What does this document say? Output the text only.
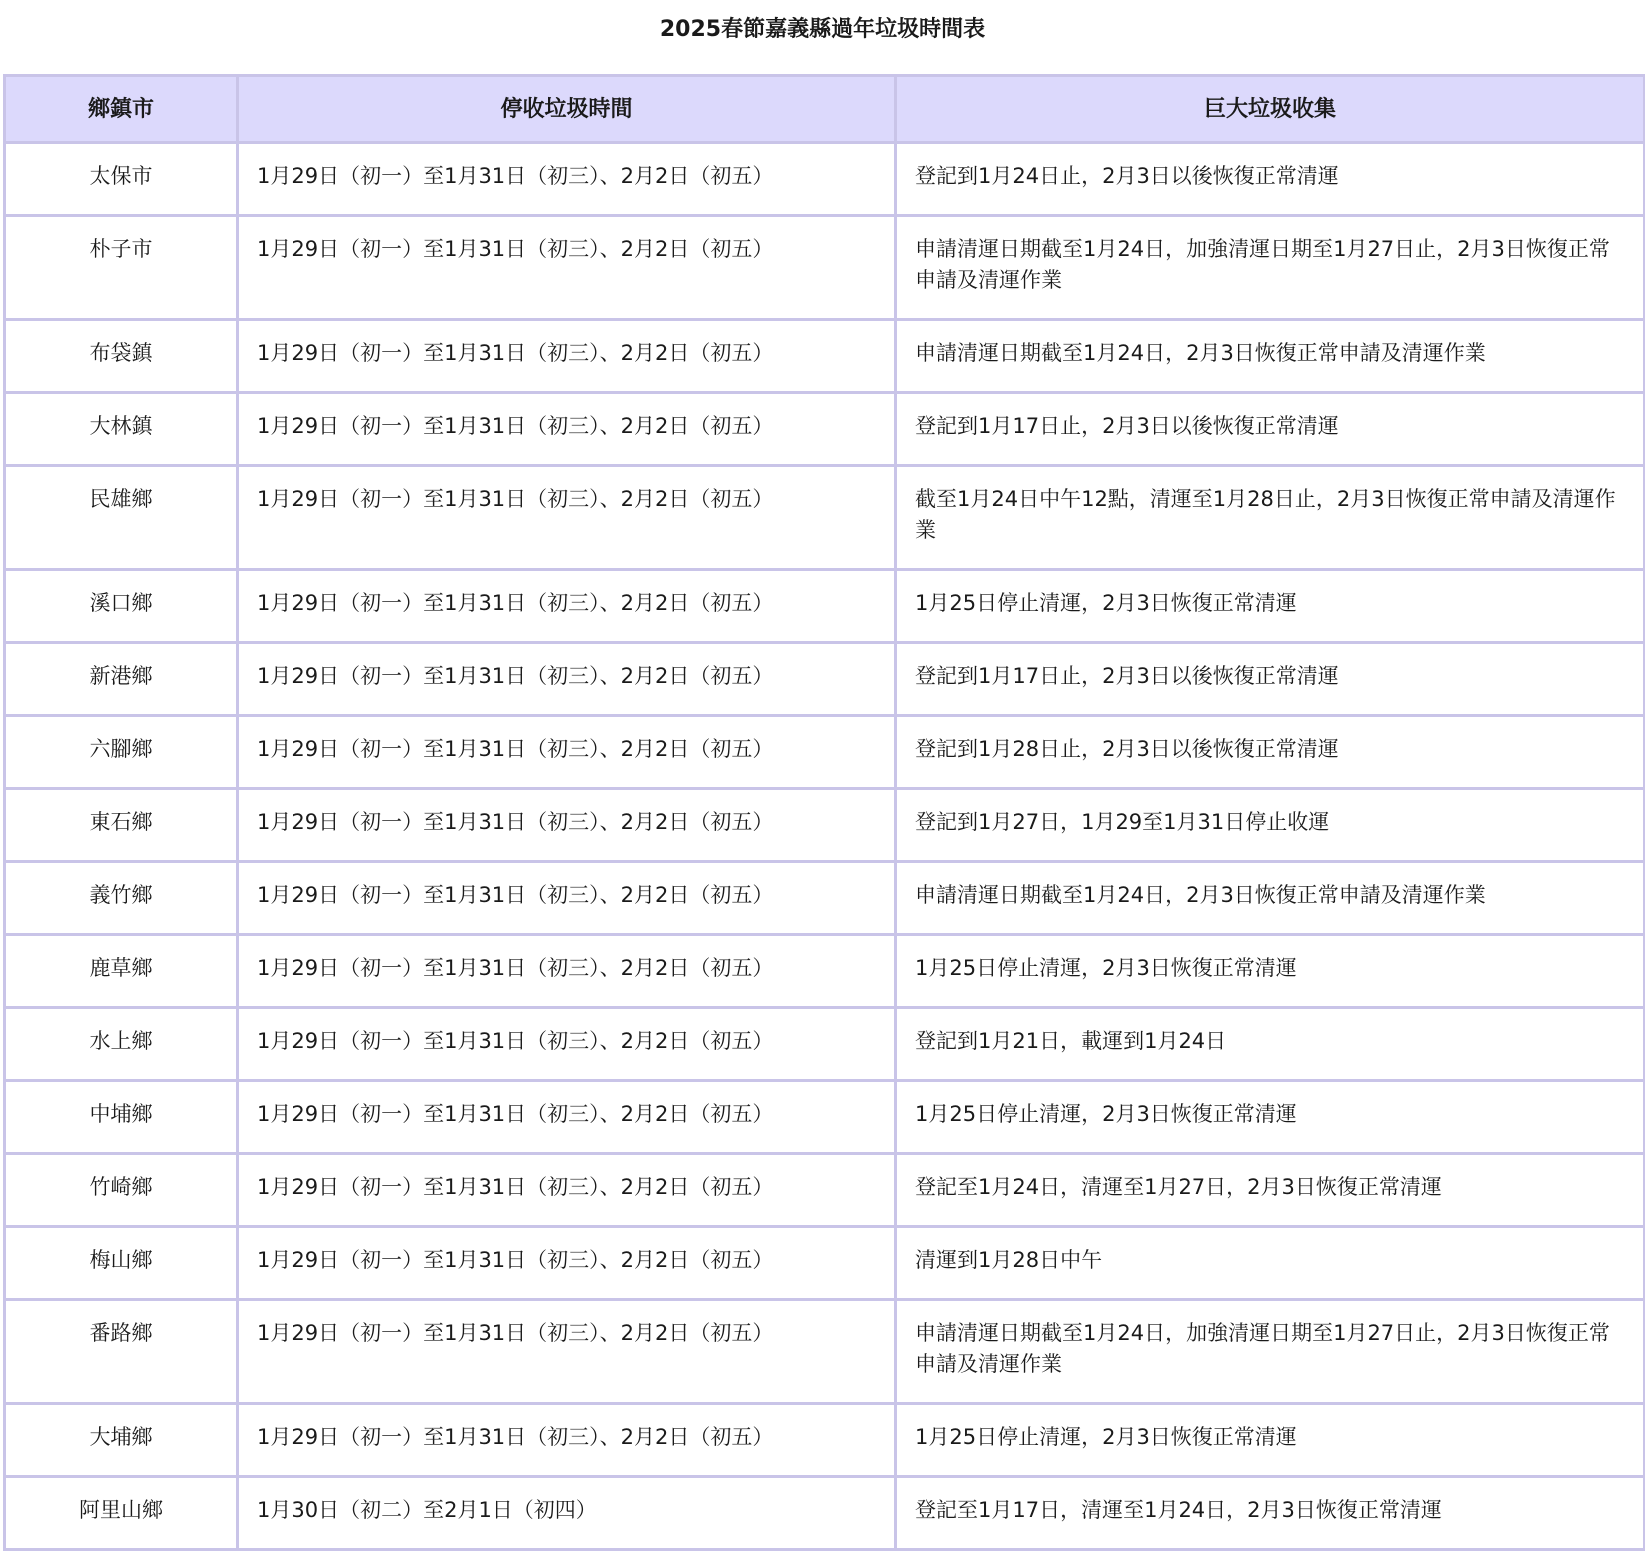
2025春節嘉義縣過年垃圾時間表
鄉鎮市	停收垃圾時間	巨大垃圾收集
太保市	1月29日（初一）至1月31日（初三）、2月2日（初五）	登記到1月24日止，2月3日以後恢復正常清運
朴子市	1月29日（初一）至1月31日（初三）、2月2日（初五）	申請清運日期截至1月24日，加強清運日期至1月27日止，2月3日恢復正常申請及清運作業
布袋鎮	1月29日（初一）至1月31日（初三）、2月2日（初五）	申請清運日期截至1月24日，2月3日恢復正常申請及清運作業
大林鎮	1月29日（初一）至1月31日（初三）、2月2日（初五）	登記到1月17日止，2月3日以後恢復正常清運
民雄鄉	1月29日（初一）至1月31日（初三）、2月2日（初五）	截至1月24日中午12點，清運至1月28日止，2月3日恢復正常申請及清運作業
溪口鄉	1月29日（初一）至1月31日（初三）、2月2日（初五）	1月25日停止清運，2月3日恢復正常清運
新港鄉	1月29日（初一）至1月31日（初三）、2月2日（初五）	登記到1月17日止，2月3日以後恢復正常清運
六腳鄉	1月29日（初一）至1月31日（初三）、2月2日（初五）	登記到1月28日止，2月3日以後恢復正常清運
東石鄉	1月29日（初一）至1月31日（初三）、2月2日（初五）	登記到1月27日，1月29至1月31日停止收運
義竹鄉	1月29日（初一）至1月31日（初三）、2月2日（初五）	申請清運日期截至1月24日，2月3日恢復正常申請及清運作業
鹿草鄉	1月29日（初一）至1月31日（初三）、2月2日（初五）	1月25日停止清運，2月3日恢復正常清運
水上鄉	1月29日（初一）至1月31日（初三）、2月2日（初五）	登記到1月21日，載運到1月24日
中埔鄉	1月29日（初一）至1月31日（初三）、2月2日（初五）	1月25日停止清運，2月3日恢復正常清運
竹崎鄉	1月29日（初一）至1月31日（初三）、2月2日（初五）	登記至1月24日，清運至1月27日，2月3日恢復正常清運
梅山鄉	1月29日（初一）至1月31日（初三）、2月2日（初五）	清運到1月28日中午
番路鄉	1月29日（初一）至1月31日（初三）、2月2日（初五）	申請清運日期截至1月24日，加強清運日期至1月27日止，2月3日恢復正常申請及清運作業
大埔鄉	1月29日（初一）至1月31日（初三）、2月2日（初五）	1月25日停止清運，2月3日恢復正常清運
阿里山鄉	1月30日（初二）至2月1日（初四）	登記至1月17日，清運至1月24日，2月3日恢復正常清運
